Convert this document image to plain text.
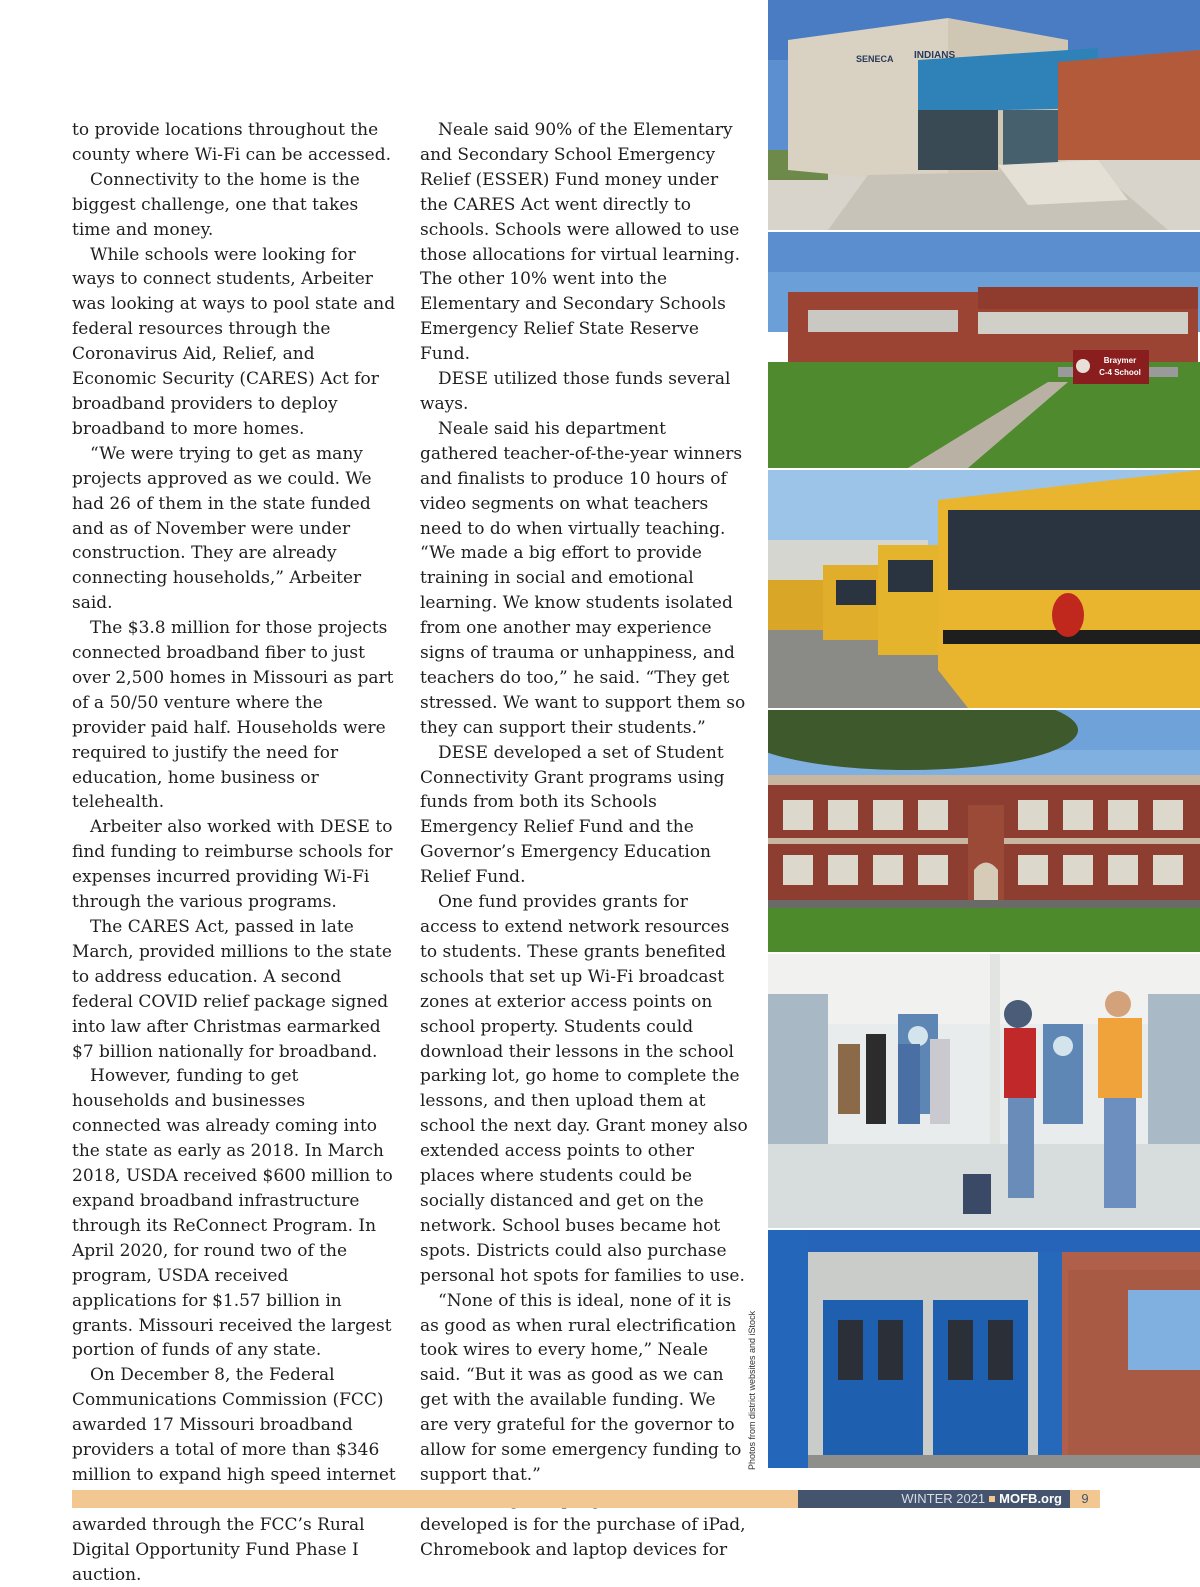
to provide locations throughout the county where Wi-Fi can be accessed.

Connectivity to the home is the biggest challenge, one that takes time and money.

While schools were looking for ways to connect students, Arbeiter was looking at ways to pool state and federal resources through the Coronavirus Aid, Relief, and Economic Security (CARES) Act for broadband providers to deploy broadband to more homes.

“We were trying to get as many projects approved as we could. We had 26 of them in the state funded and as of November were under construction. They are already connecting households,” Arbeiter said.

The $3.8 million for those projects connected broadband fiber to just over 2,500 homes in Missouri as part of a 50/50 venture where the provider paid half. Households were required to justify the need for education, home business or telehealth.

Arbeiter also worked with DESE to find funding to reimburse schools for expenses incurred providing Wi-Fi through the various programs.

The CARES Act, passed in late March, provided millions to the state to address education. A second federal COVID relief package signed into law after Christmas earmarked $7 billion nationally for broadband.

However, funding to get households and businesses connected was already coming into the state as early as 2018. In March 2018, USDA received $600 million to expand broadband infrastructure through its ReConnect Program. In April 2020, for round two of the program, USDA received applications for $1.57 billion in grants. Missouri received the largest portion of funds of any state.

On December 8, the Federal Communications Commission (FCC) awarded 17 Missouri broadband providers a total of more than $346 million to expand high speed internet awarded through the FCC’s Rural Digital Opportunity Fund Phase I auction.

Neale said 90% of the Elementary and Secondary School Emergency Relief (ESSER) Fund money under the CARES Act went directly to schools. Schools were allowed to use those allocations for virtual learning. The other 10% went into the Elementary and Secondary Schools Emergency Relief State Reserve Fund.

DESE utilized those funds several ways.

Neale said his department gathered teacher-of-the-year winners and finalists to produce 10 hours of video segments on what teachers need to do when virtually teaching. “We made a big effort to provide training in social and emotional learning. We know students isolated from one another may experience signs of trauma or unhappiness, and teachers do too,” he said. “They get stressed. We want to support them so they can support their students.”

DESE developed a set of Student Connectivity Grant programs using funds from both its Schools Emergency Relief Fund and the Governor’s Emergency Education Relief Fund.

One fund provides grants for access to extend network resources to students. These grants benefited schools that set up Wi-Fi broadcast zones at exterior access points on school property. Students could download their lessons in the school parking lot, go home to complete the lessons, and then upload them at school the next day. Grant money also extended access points to other places where students could be socially distanced and get on the network. School buses became hot spots. Districts could also purchase personal hot spots for families to use.

“None of this is ideal, none of it is as good as when rural electrification took wires to every home,” Neale said. “But it was as good as we can get with the available funding. We are very grateful for the governor to allow for some emergency funding to support that.”

developed is for the purchase of iPad, Chromebook and laptop devices for

SENECA INDIANS
Braymer
C-4 School
Photos from district websites and iStock
WINTER 2021 MOFB.org	9
